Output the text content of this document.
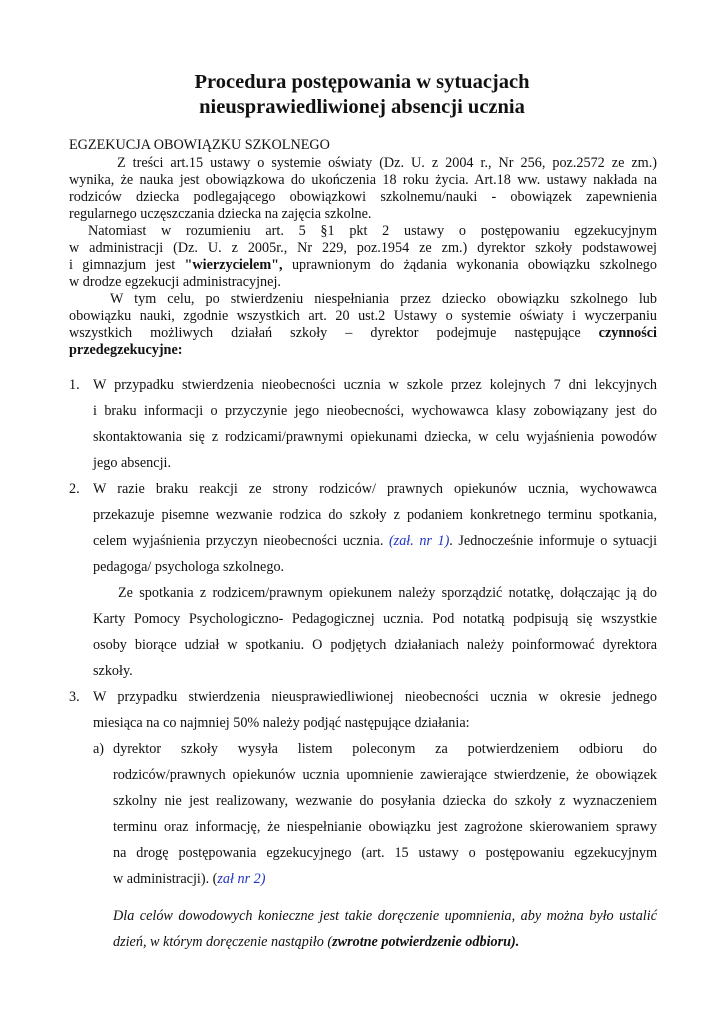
Procedura postępowania w sytuacjach
nieusprawiedliwionej absencji ucznia
EGZEKUCJA OBOWIĄZKU SZKOLNEGO
Z treści art.15 ustawy o systemie oświaty (Dz. U. z 2004 r., Nr 256, poz.2572 ze zm.)
wynika, że nauka jest obowiązkowa do ukończenia 18 roku życia. Art.18 ww. ustawy nakłada na
rodziców dziecka podlegającego obowiązkowi szkolnemu/nauki - obowiązek zapewnienia
regularnego uczęszczania dziecka na zajęcia szkolne.
Natomiast w rozumieniu art. 5 §1 pkt 2 ustawy o postępowaniu egzekucyjnym
w administracji (Dz. U. z 2005r., Nr 229, poz.1954 ze zm.) dyrektor szkoły podstawowej
i gimnazjum jest "wierzycielem", uprawnionym do żądania wykonania obowiązku szkolnego
w drodze egzekucji administracyjnej.
W tym celu, po stwierdzeniu niespełniania przez dziecko obowiązku szkolnego lub
obowiązku nauki, zgodnie wszystkich art. 20 ust.2 Ustawy o systemie oświaty i wyczerpaniu
wszystkich możliwych działań szkoły – dyrektor podejmuje następujące czynności
przedegzekucyjne:
1. W przypadku stwierdzenia nieobecności ucznia w szkole przez kolejnych 7 dni lekcyjnych
i braku informacji o przyczynie jego nieobecności, wychowawca klasy zobowiązany jest do
skontaktowania się z rodzicami/prawnymi opiekunami dziecka, w celu wyjaśnienia powodów
jego absencji.
2. W razie braku reakcji ze strony rodziców/ prawnych opiekunów ucznia, wychowawca
przekazuje pisemne wezwanie rodzica do szkoły z podaniem konkretnego terminu spotkania,
celem wyjaśnienia przyczyn nieobecności ucznia. (zał. nr 1). Jednocześnie informuje o sytuacji
pedagoga/ psychologa szkolnego.
Ze spotkania z rodzicem/prawnym opiekunem należy sporządzić notatkę, dołączając ją do
Karty Pomocy Psychologiczno- Pedagogicznej ucznia. Pod notatką podpisują się wszystkie
osoby biorące udział w spotkaniu. O podjętych działaniach należy poinformować dyrektora
szkoły.
3. W przypadku stwierdzenia nieusprawiedliwionej nieobecności ucznia w okresie jednego
miesiąca na co najmniej 50% należy podjąć następujące działania:
a) dyrektor szkoły wysyła listem poleconym za potwierdzeniem odbioru do
rodziców/prawnych opiekunów ucznia upomnienie zawierające stwierdzenie, że obowiązek
szkolny nie jest realizowany, wezwanie do posyłania dziecka do szkoły z wyznaczeniem
terminu oraz informację, że niespełnianie obowiązku jest zagrożone skierowaniem sprawy
na drogę postępowania egzekucyjnego (art. 15 ustawy o postępowaniu egzekucyjnym
w administracji). (zał nr 2)
Dla celów dowodowych konieczne jest takie doręczenie upomnienia, aby można było ustalić
dzień, w którym doręczenie nastąpiło (zwrotne potwierdzenie odbioru).
